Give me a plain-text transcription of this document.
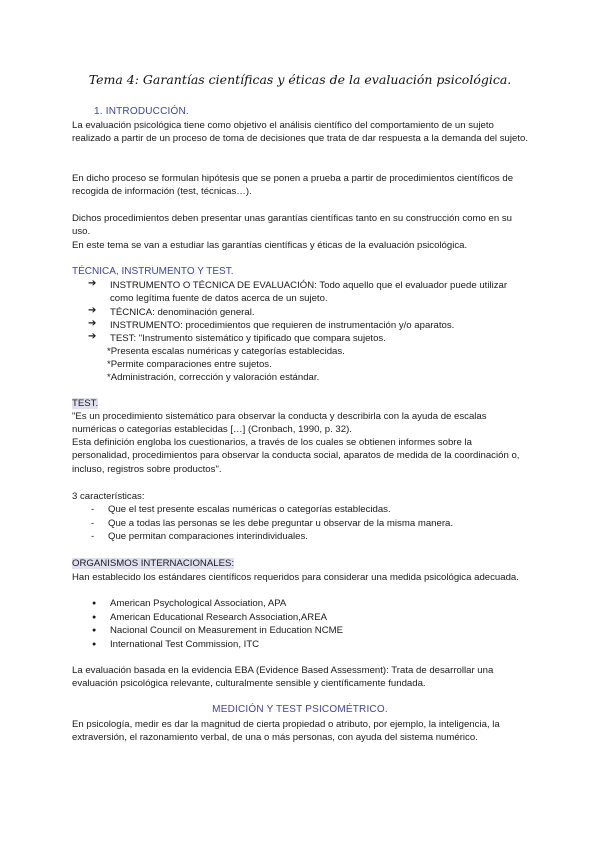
Tema 4: Garantías científicas y éticas de la evaluación psicológica.
1. INTRODUCCIÓN.
La evaluación psicológica tiene como objetivo el análisis científico del comportamiento de un sujeto realizado a partir de un proceso de toma de decisiones que trata de dar respuesta a la demanda del sujeto.
En dicho proceso se formulan hipótesis que se ponen a prueba a partir de procedimientos científicos de recogida de información (test, técnicas…).
Dichos procedimientos deben presentar unas garantías científicas tanto en su construcción como en su uso.
En este tema se van a estudiar las garantías científicas y éticas de la evaluación psicológica.
TÉCNICA, INSTRUMENTO Y TEST.
➔ INSTRUMENTO O TÉCNICA DE EVALUACIÓN: Todo aquello que el evaluador puede utilizar como legítima fuente de datos acerca de un sujeto.
➔ TÉCNICA: denominación general.
➔ INSTRUMENTO: procedimientos que requieren de instrumentación y/o aparatos.
➔ TEST: "Instrumento sistemático y tipificado que compara sujetos.
*Presenta escalas numéricas y categorías establecidas.
*Permite comparaciones entre sujetos.
*Administración, corrección y valoración estándar.
TEST.
"Es un procedimiento sistemático para observar la conducta y describirla con la ayuda de escalas numéricas o categorías establecidas […] (Cronbach, 1990, p. 32).
Esta definición engloba los cuestionarios, a través de los cuales se obtienen informes sobre la personalidad, procedimientos para observar la conducta social, aparatos de medida de la coordinación o, incluso, registros sobre productos".
3 características:
- Que el test presente escalas numéricas o categorías establecidas.
- Que a todas las personas se les debe preguntar u observar de la misma manera.
- Que permitan comparaciones interindividuales.
ORGANISMOS INTERNACIONALES:
Han establecido los estándares científicos requeridos para considerar una medida psicológica adecuada.
● American Psychological Association, APA
● American Educational Research Association,AREA
● Nacional Council on Measurement in Education NCME
● International Test Commission, ITC
La evaluación basada en la evidencia EBA (Evidence Based Assessment): Trata de desarrollar una evaluación psicológica relevante, culturalmente sensible y científicamente fundada.
MEDICIÓN Y TEST PSICOMÉTRICO.
En psicología, medir es dar la magnitud de cierta propiedad o atributo, por ejemplo, la inteligencia, la extraversión, el razonamiento verbal, de una o más personas, con ayuda del sistema numérico.
